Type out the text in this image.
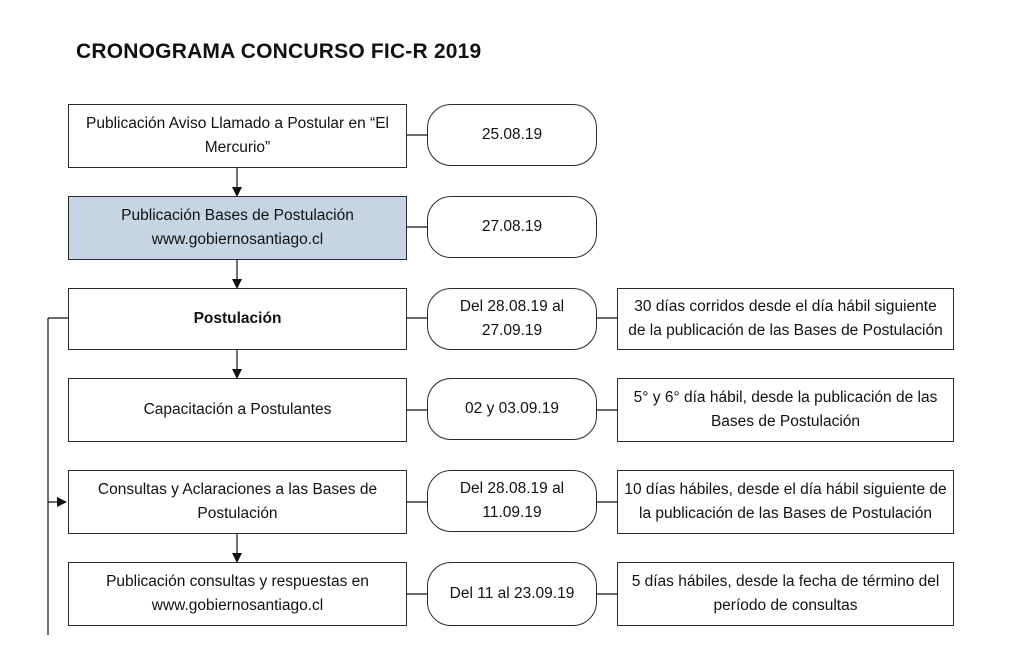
CRONOGRAMA CONCURSO FIC-R 2019
Publicación Aviso Llamado a Postular en “El Mercurio”
25.08.19
Publicación Bases de Postulación www.gobiernosantiago.cl
27.08.19
Postulación
Del 28.08.19 al 27.09.19
30 días corridos desde el día hábil siguiente de la publicación de las Bases de Postulación
Capacitación a Postulantes	02 y 03.09.19
5° y 6° día hábil, desde la publicación de las Bases de Postulación
Consultas y Aclaraciones a las Bases de Postulación
Del 28.08.19 al 11.09.19
10 días hábiles, desde el día hábil siguiente de la publicación de las Bases de Postulación
Publicación consultas y respuestas en www.gobiernosantiago.cl
Del 11 al 23.09.19
5 días hábiles, desde la fecha de término del período de consultas
